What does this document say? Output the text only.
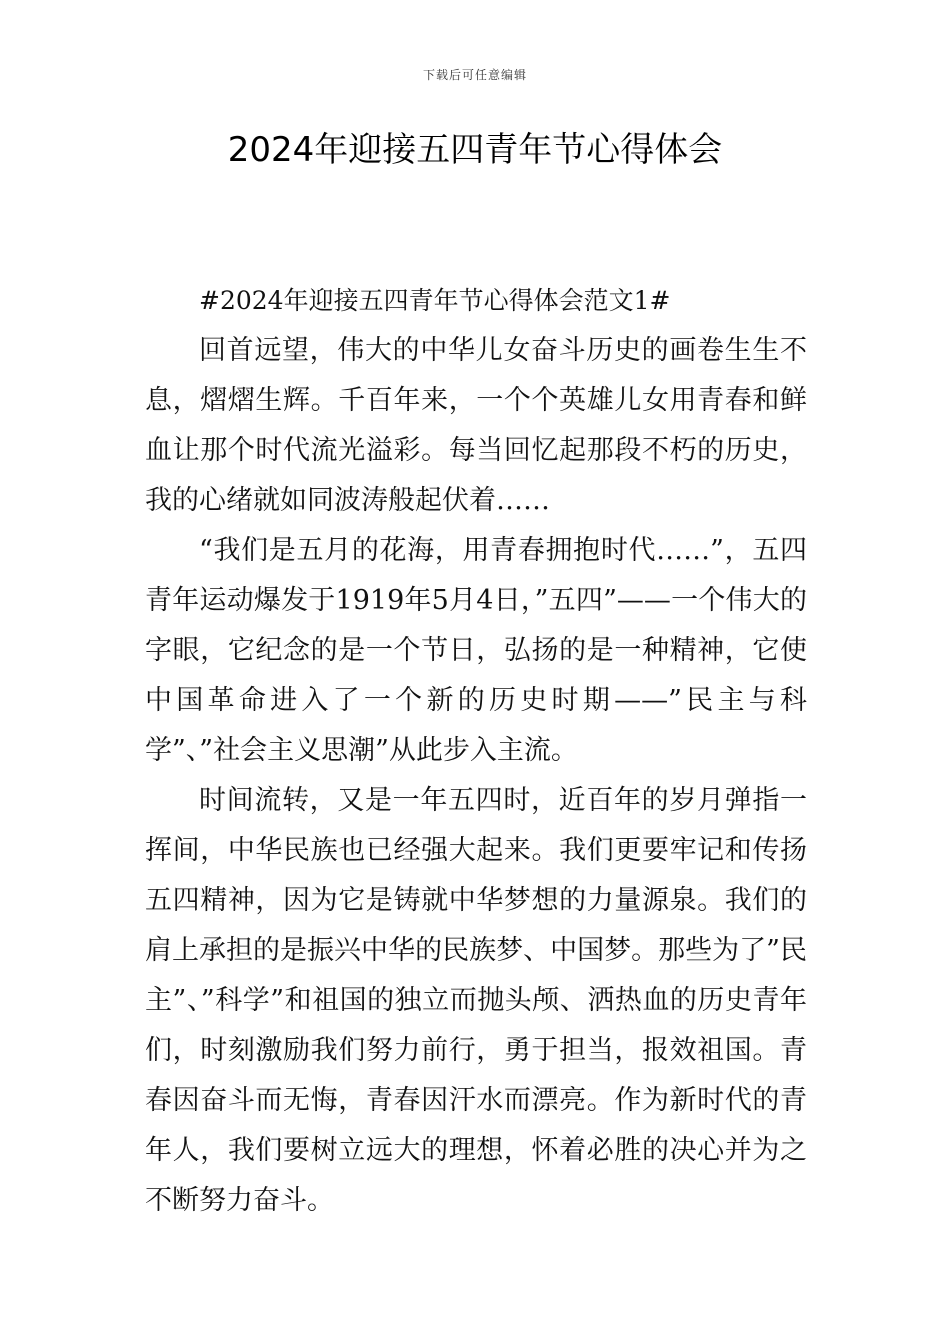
下载后可任意编辑
2024年迎接五四青年节心得体会

#2024年迎接五四青年节心得体会范文1#

回首远望，伟大的中华儿女奋斗历史的画卷生生不息，熠熠生辉。千百年来，一个个英雄儿女用青春和鲜血让那个时代流光溢彩。每当回忆起那段不朽的历史，我的心绪就如同波涛般起伏着……

“我们是五月的花海，用青春拥抱时代……”，五四青年运动爆发于1919年5月4日，”五四”——一个伟大的字眼，它纪念的是一个节日，弘扬的是一种精神，它使中国革命进入了一个新的历史时期——”民主与科学”、”社会主义思潮”从此步入主流。

时间流转，又是一年五四时，近百年的岁月弹指一挥间，中华民族也已经强大起来。我们更要牢记和传扬五四精神，因为它是铸就中华梦想的力量源泉。我们的肩上承担的是振兴中华的民族梦、中国梦。那些为了”民主”、”科学”和祖国的独立而抛头颅、洒热血的历史青年们，时刻激励我们努力前行，勇于担当，报效祖国。青春因奋斗而无悔，青春因汗水而漂亮。作为新时代的青年人，我们要树立远大的理想，怀着必胜的决心并为之不断努力奋斗。
